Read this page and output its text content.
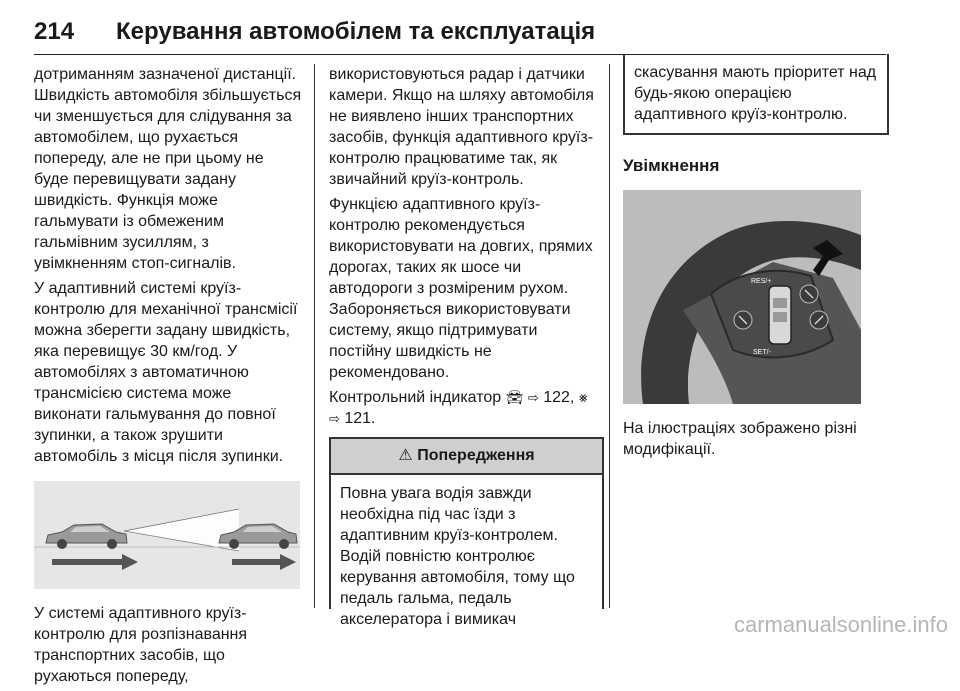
214 Керування автомобілем та експлуатація

дотриманням зазначеної дистанції. Швидкість автомобіля збільшується чи зменшується для слідування за автомобілем, що рухається попереду, але не при цьому не буде перевищувати задану швидкість. Функція може гальмувати із обмеженим гальмівним зусиллям, з увімкненням стоп-сигналів.

У адаптивний системі круїз-контролю для механічної трансмісії можна зберегти задану швидкість, яка перевищує 30 км/год. У автомобілях з автоматичною трансмісією система може виконати гальмування до повної зупинки, а також зрушити автомобіль з місця після зупинки.

У системі адаптивного круїз-контролю для розпізнавання транспортних засобів, що рухаються попереду,

використовуються радар і датчики камери. Якщо на шляху автомобіля не виявлено інших транспортних засобів, функція адаптивного круїз-контролю працюватиме так, як звичайний круїз-контроль.

Функцією адаптивного круїз-контролю рекомендується використовувати на довгих, прямих дорогах, таких як шосе чи автодороги з розміреним рухом. Забороняється використовувати систему, якщо підтримувати постійну швидкість не рекомендовано.

Контрольний індикатор 🚘︎ ⇨ 122, ⨳
⇨ 121.

⚠ Попередження
Повна увага водія завжди необхідна під час їзди з адаптивним круїз-контролем. Водій повністю контролює керування автомобіля, тому що педаль гальма, педаль акселератора і вимикач
скасування мають пріоритет над будь-якою операцією адаптивного круїз-контролю.
Увімкнення
RES/+
SET/-

На ілюстраціях зображено різні модифікації.

carmanualsonline.info
